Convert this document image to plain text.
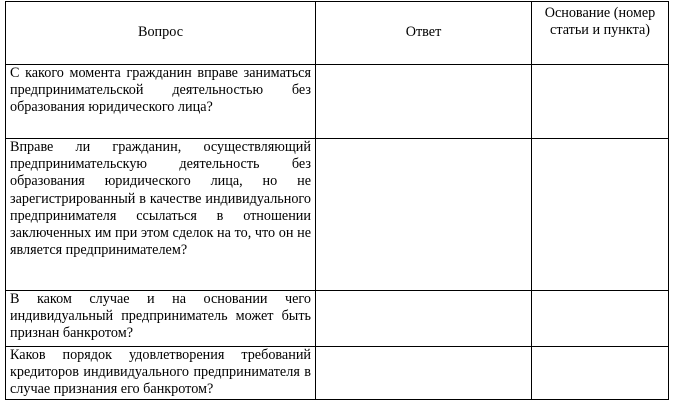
Вопрос	Ответ	Основание (номер статьи и пункта)
С какого момента гражданин вправе заниматься предпринимательской деятельностью без образования юридического лица?		
Вправе ли гражданин, осуществляющий предпринимательскую деятельность без образования юридического лица, но не зарегистрированный в качестве индивидуального предпринимателя ссылаться в отношении заключенных им при этом сделок на то, что он не является предпринимателем?		
В каком случае и на основании чего индивидуальный предприниматель может быть признан банкротом?		
Каков порядок удовлетворения требований кредиторов индивидуального предпринимателя в случае признания его банкротом?		
